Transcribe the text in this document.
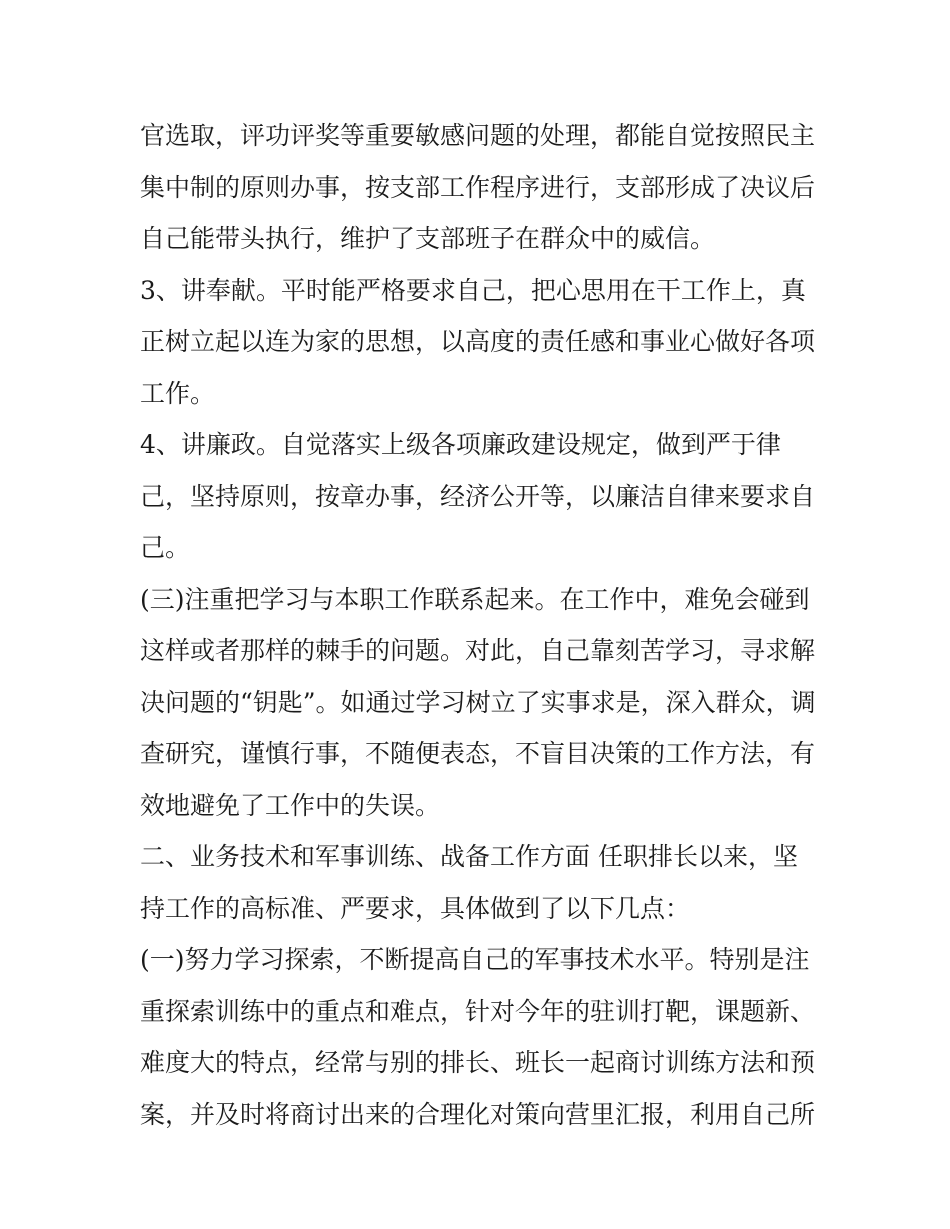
官选取，评功评奖等重要敏感问题的处理，都能自觉按照民主
集中制的原则办事，按支部工作程序进行，支部形成了决议后
自己能带头执行，维护了支部班子在群众中的威信。
3、讲奉献。平时能严格要求自己，把心思用在干工作上，真
正树立起以连为家的思想，以高度的责任感和事业心做好各项
工作。
4、讲廉政。自觉落实上级各项廉政建设规定，做到严于律
己，坚持原则，按章办事，经济公开等，以廉洁自律来要求自
己。
(三)注重把学习与本职工作联系起来。在工作中，难免会碰到
这样或者那样的棘手的问题。对此，自己靠刻苦学习，寻求解
决问题的“钥匙”。如通过学习树立了实事求是，深入群众，调
查研究，谨慎行事，不随便表态，不盲目决策的工作方法，有
效地避免了工作中的失误。
二、业务技术和军事训练、战备工作方面 任职排长以来，坚
持工作的高标准、严要求，具体做到了以下几点：
(一)努力学习探索，不断提高自己的军事技术水平。特别是注
重探索训练中的重点和难点，针对今年的驻训打靶，课题新、
难度大的特点，经常与别的排长、班长一起商讨训练方法和预
案，并及时将商讨出来的合理化对策向营里汇报，利用自己所
